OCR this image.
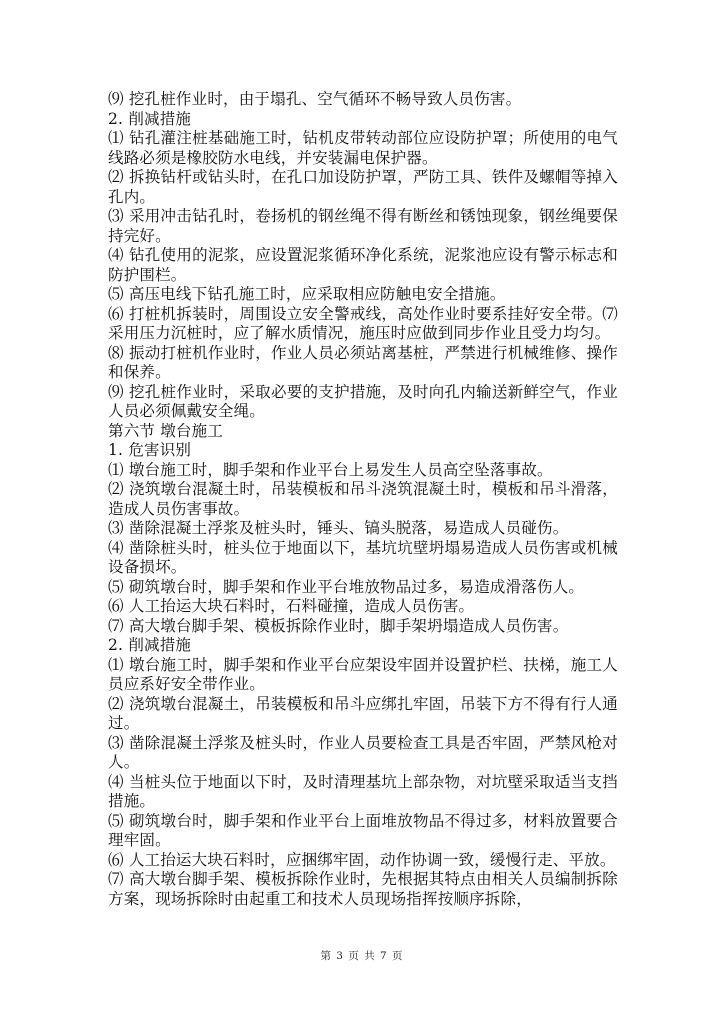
⑼ 挖孔桩作业时，由于塌孔、空气循环不畅导致人员伤害。

2. 削减措施

⑴ 钻孔灌注桩基础施工时，钻机皮带转动部位应设防护罩；所使用的电气线路必须是橡胶防水电线，并安装漏电保护器。

⑵ 拆换钻杆或钻头时，在孔口加设防护罩，严防工具、铁件及螺帽等掉入孔内。

⑶ 采用冲击钻孔时，卷扬机的钢丝绳不得有断丝和锈蚀现象，钢丝绳要保持完好。

⑷ 钻孔使用的泥浆，应设置泥浆循环净化系统，泥浆池应设有警示标志和防护围栏。

⑸ 高压电线下钻孔施工时，应采取相应防触电安全措施。

⑹ 打桩机拆装时，周围设立安全警戒线，高处作业时要系挂好安全带。⑺采用压力沉桩时，应了解水质情况，施压时应做到同步作业且受力均匀。

⑻ 振动打桩机作业时，作业人员必须站离基桩，严禁进行机械维修、操作和保养。

⑼ 挖孔桩作业时，采取必要的支护措施，及时向孔内输送新鲜空气，作业人员必须佩戴安全绳。

第六节 墩台施工

1. 危害识别

⑴ 墩台施工时，脚手架和作业平台上易发生人员高空坠落事故。

⑵ 浇筑墩台混凝土时，吊装模板和吊斗浇筑混凝土时，模板和吊斗滑落，造成人员伤害事故。

⑶ 凿除混凝土浮浆及桩头时，锤头、镐头脱落，易造成人员碰伤。

⑷ 凿除桩头时，桩头位于地面以下，基坑坑壁坍塌易造成人员伤害或机械设备损坏。

⑸ 砌筑墩台时，脚手架和作业平台堆放物品过多，易造成滑落伤人。

⑹ 人工抬运大块石料时，石料碰撞，造成人员伤害。

⑺ 高大墩台脚手架、模板拆除作业时，脚手架坍塌造成人员伤害。

2. 削减措施

⑴ 墩台施工时，脚手架和作业平台应架设牢固并设置护栏、扶梯，施工人员应系好安全带作业。

⑵ 浇筑墩台混凝土，吊装模板和吊斗应绑扎牢固，吊装下方不得有行人通过。

⑶ 凿除混凝土浮浆及桩头时，作业人员要检查工具是否牢固，严禁风枪对人。

⑷ 当桩头位于地面以下时，及时清理基坑上部杂物，对坑壁采取适当支挡措施。

⑸ 砌筑墩台时，脚手架和作业平台上面堆放物品不得过多，材料放置要合理牢固。

⑹ 人工抬运大块石料时，应捆绑牢固，动作协调一致，缓慢行走、平放。

⑺ 高大墩台脚手架、模板拆除作业时，先根据其特点由相关人员编制拆除方案，现场拆除时由起重工和技术人员现场指挥按顺序拆除，

第 3 页 共 7 页
